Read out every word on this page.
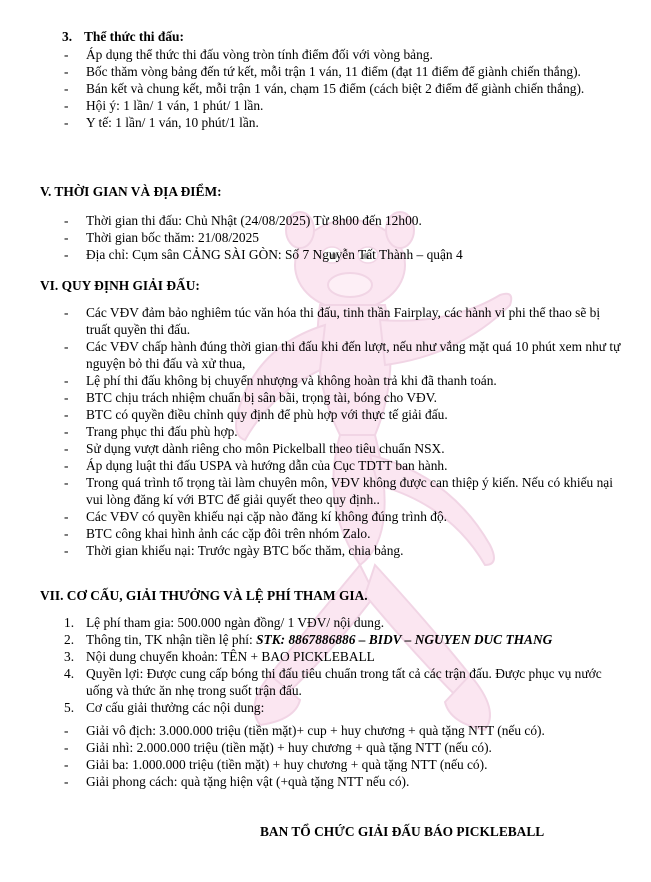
3. Thể thức thi đấu:
- Áp dụng thể thức thi đấu vòng tròn tính điểm đối với vòng bảng.
- Bốc thăm vòng bảng đến tứ kết, mỗi trận 1 ván, 11 điểm (đạt 11 điểm để giành chiến thắng).
- Bán kết và chung kết, mỗi trận 1 ván, chạm 15 điểm (cách biệt 2 điểm để giành chiến thắng).
- Hội ý: 1 lần/ 1 ván, 1 phút/ 1 lần.
- Y tế: 1 lần/ 1 ván, 10 phút/1 lần.
V. THỜI GIAN VÀ ĐỊA ĐIỂM:
- Thời gian thi đấu: Chủ Nhật (24/08/2025) Từ 8h00 đến 12h00.
- Thời gian bốc thăm: 21/08/2025
- Địa chỉ: Cụm sân CẢNG SÀI GÒN: Số 7 Nguyễn Tất Thành – quận 4
VI. QUY ĐỊNH GIẢI ĐẤU:
- Các VĐV đảm bảo nghiêm túc văn hóa thi đấu, tinh thần Fairplay, các hành vi phi thể thao sẽ bị truất quyền thi đấu.
- Các VĐV chấp hành đúng thời gian thi đấu khi đến lượt, nếu như vắng mặt quá 10 phút xem như tự nguyện bỏ thi đấu và xử thua,
- Lệ phí thi đấu không bị chuyển nhượng và không hoàn trả khi đã thanh toán.
- BTC chịu trách nhiệm chuẩn bị sân bãi, trọng tài, bóng cho VĐV.
- BTC có quyền điều chỉnh quy định để phù hợp với thực tế giải đấu.
- Trang phục thi đấu phù hợp.
- Sử dụng vượt dành riêng cho môn Pickelball theo tiêu chuẩn NSX.
- Áp dụng luật thi đấu USPA và hướng dẫn của Cục TDTT ban hành.
- Trong quá trình tổ trọng tài làm chuyên môn, VĐV không được can thiệp ý kiến. Nếu có khiếu nại vui lòng đăng kí với BTC để giải quyết theo quy định..
- Các VĐV có quyền khiếu nại cặp nào đăng kí không đúng trình độ.
- BTC công khai hình ảnh các cặp đôi trên nhóm Zalo.
- Thời gian khiếu nại: Trước ngày BTC bốc thăm, chia bảng.
VII. CƠ CẤU, GIẢI THƯỞNG VÀ LỆ PHÍ THAM GIA.
1. Lệ phí tham gia: 500.000 ngàn đồng/ 1 VĐV/ nội dung.
2. Thông tin, TK nhận tiền lệ phí: STK: 8867886886 – BIDV – NGUYEN DUC THANG
3. Nội dung chuyển khoản: TÊN + BAO PICKLEBALL
4. Quyền lợi: Được cung cấp bóng thi đấu tiêu chuẩn trong tất cả các trận đấu. Được phục vụ nước uống và thức ăn nhẹ trong suốt trận đấu.
5. Cơ cấu giải thưởng các nội dung:
- Giải vô địch: 3.000.000 triệu (tiền mặt)+ cup + huy chương + quà tặng NTT (nếu có).
- Giải nhì: 2.000.000 triệu (tiền mặt) + huy chương + quà tặng NTT (nếu có).
- Giải ba: 1.000.000 triệu (tiền mặt) + huy chương + quà tặng NTT (nếu có).
- Giải phong cách: quà tặng hiện vật (+quà tặng NTT nếu có).
BAN TỔ CHỨC GIẢI ĐẤU BÁO PICKLEBALL
